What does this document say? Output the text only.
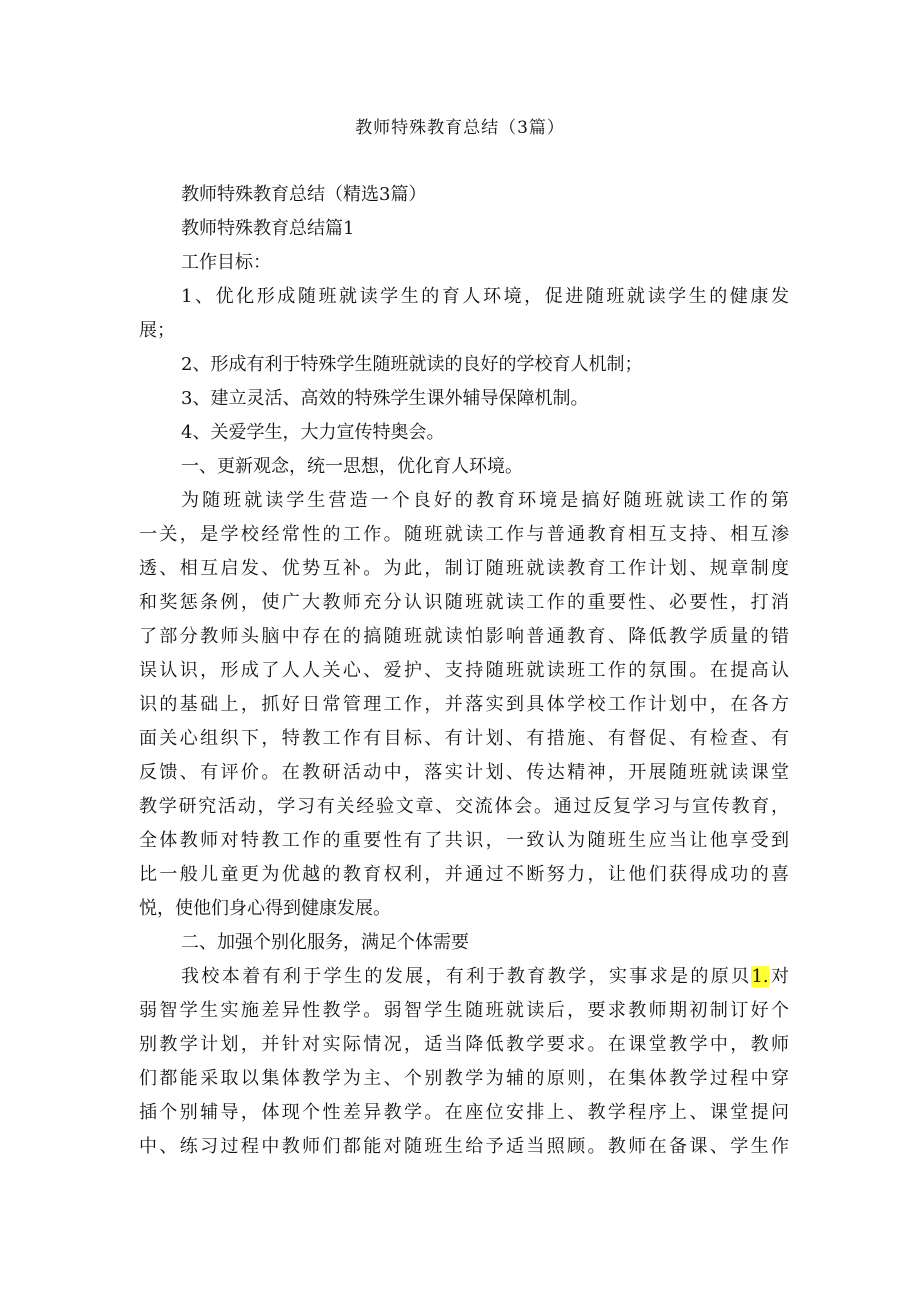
教师特殊教育总结（3篇）
教师特殊教育总结（精选3篇）
教师特殊教育总结篇1
工作目标：
1、优化形成随班就读学生的育人环境，促进随班就读学生的健康发
展；
2、形成有利于特殊学生随班就读的良好的学校育人机制；
3、建立灵活、高效的特殊学生课外辅导保障机制。
4、关爱学生，大力宣传特奥会。
一、更新观念，统一思想，优化育人环境。
为随班就读学生营造一个良好的教育环境是搞好随班就读工作的第
一关，是学校经常性的工作。随班就读工作与普通教育相互支持、相互渗
透、相互启发、优势互补。为此，制订随班就读教育工作计划、规章制度
和奖惩条例，使广大教师充分认识随班就读工作的重要性、必要性，打消
了部分教师头脑中存在的搞随班就读怕影响普通教育、降低教学质量的错
误认识，形成了人人关心、爱护、支持随班就读班工作的氛围。在提高认
识的基础上，抓好日常管理工作，并落实到具体学校工作计划中，在各方
面关心组织下，特教工作有目标、有计划、有措施、有督促、有检查、有
反馈、有评价。在教研活动中，落实计划、传达精神，开展随班就读课堂
教学研究活动，学习有关经验文章、交流体会。通过反复学习与宣传教育，
全体教师对特教工作的重要性有了共识，一致认为随班生应当让他享受到
比一般儿童更为优越的教育权利，并通过不断努力，让他们获得成功的喜
悦，使他们身心得到健康发展。
二、加强个别化服务，满足个体需要
我校本着有利于学生的发展，有利于教育教学，实事求是的原贝1.对
弱智学生实施差异性教学。弱智学生随班就读后，要求教师期初制订好个
别教学计划，并针对实际情况，适当降低教学要求。在课堂教学中，教师
们都能采取以集体教学为主、个别教学为辅的原则，在集体教学过程中穿
插个别辅导，体现个性差异教学。在座位安排上、教学程序上、课堂提问
中、练习过程中教师们都能对随班生给予适当照顾。教师在备课、学生作
